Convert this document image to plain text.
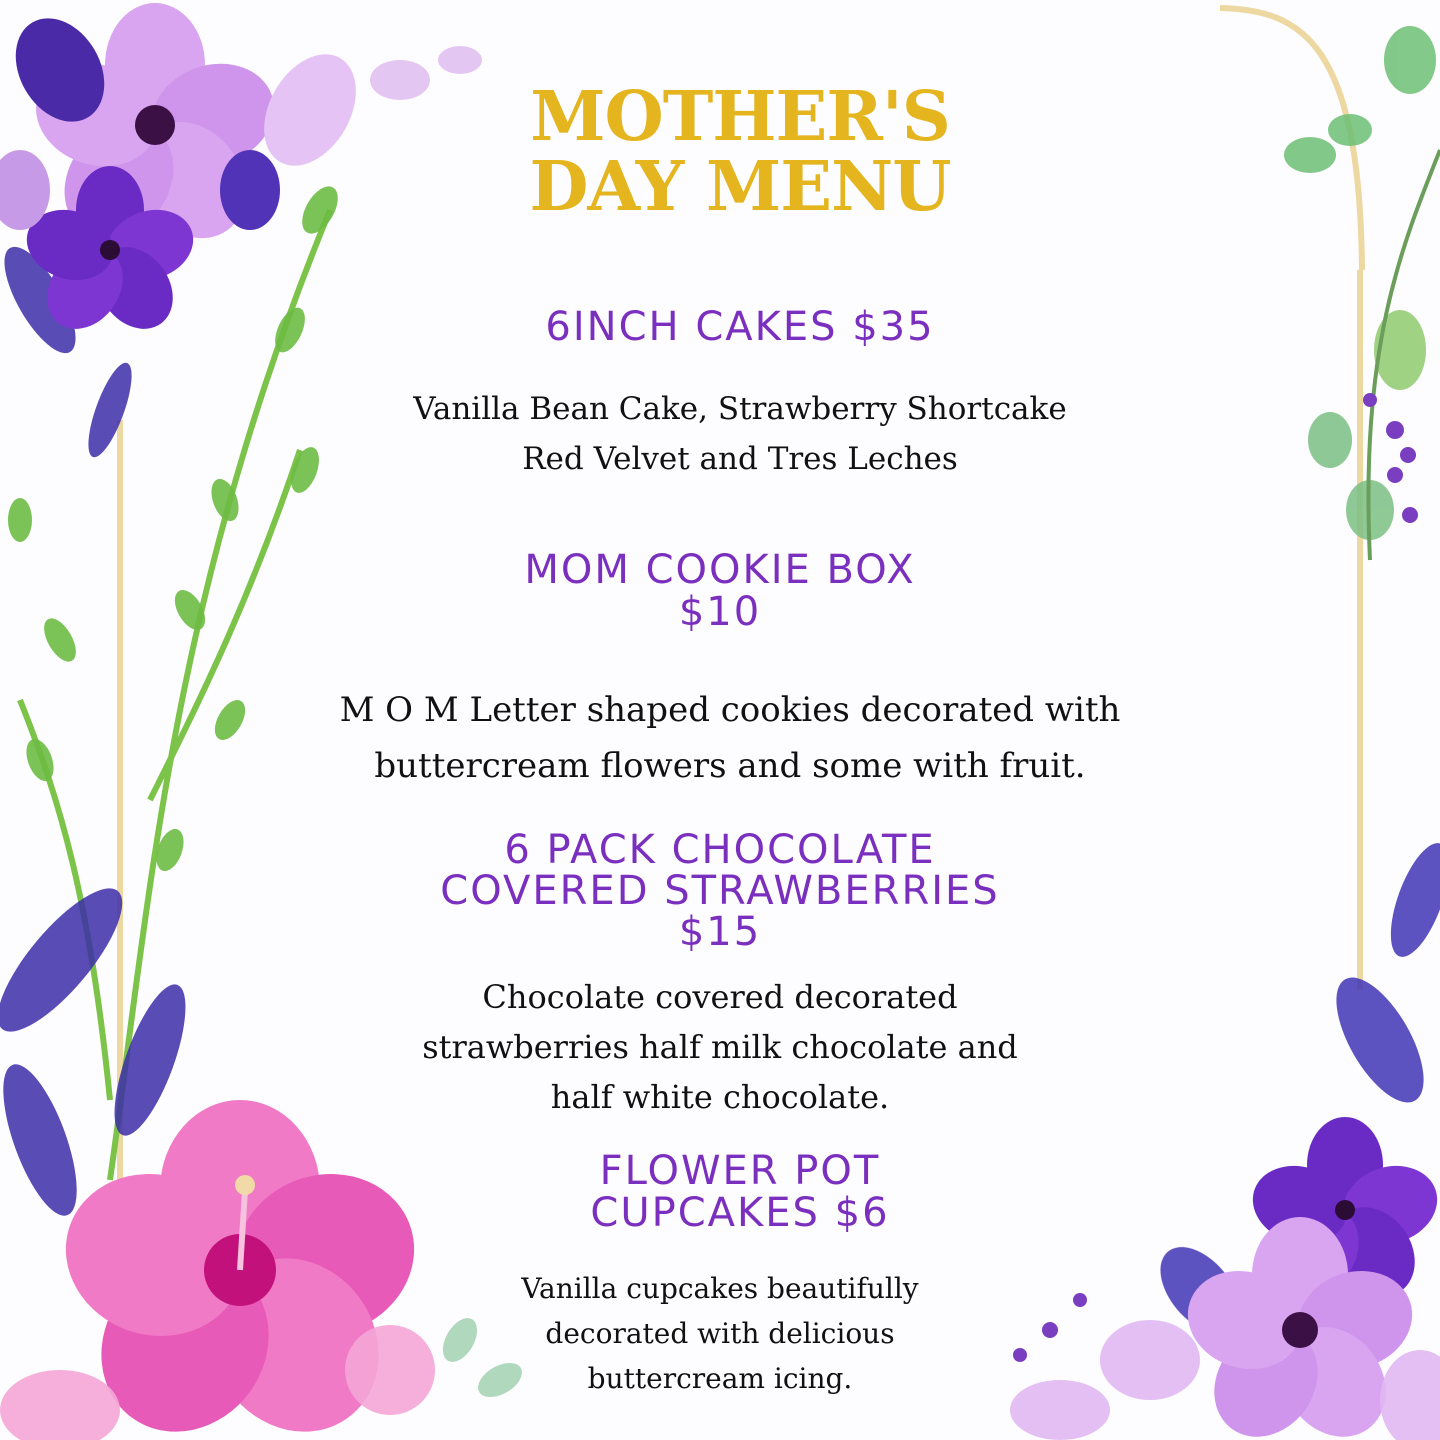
MOTHER'S
DAY MENU
6INCH CAKES $35
Vanilla Bean Cake, Strawberry Shortcake
Red Velvet and Tres Leches
MOM COOKIE BOX
$10
M O M Letter shaped cookies decorated with
buttercream flowers and some with fruit.
6 PACK CHOCOLATE
COVERED STRAWBERRIES
$15
Chocolate covered decorated
strawberries half milk chocolate and
half white chocolate.
FLOWER POT
CUPCAKES $6
Vanilla cupcakes beautifully
decorated with delicious
buttercream icing.
